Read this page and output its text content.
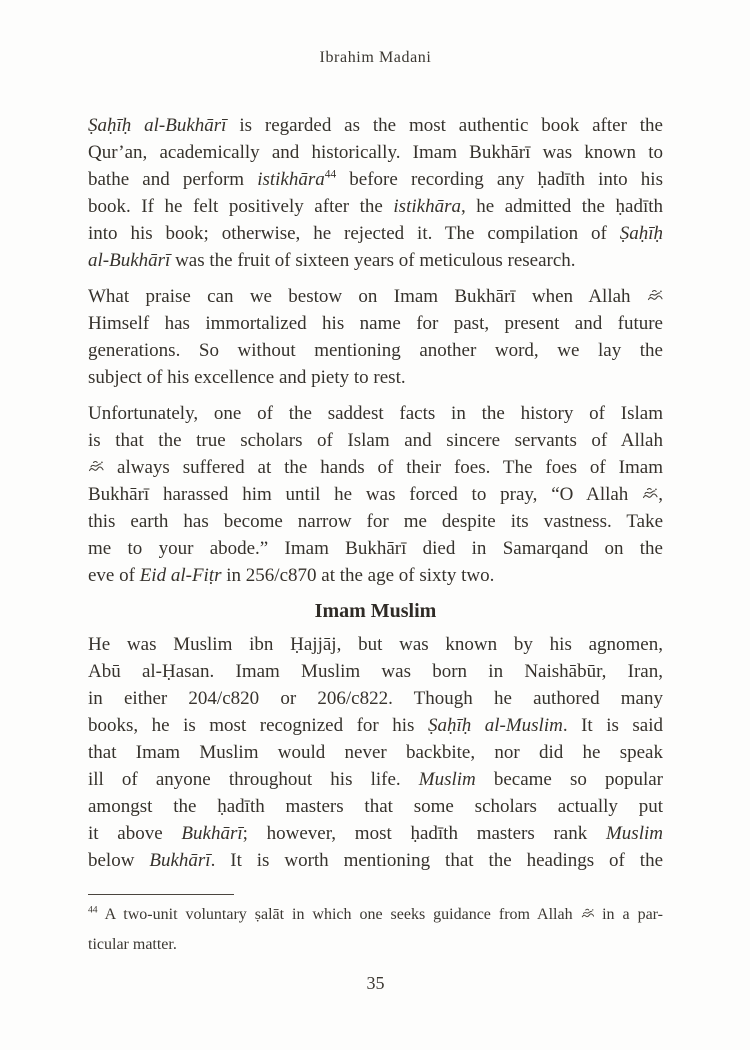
Ibrahim Madani
Ṣaḥīḥ al-Bukhārī is regarded as the most authentic book after the
Qur’an, academically and historically. Imam Bukhārī was known to
bathe and perform istikhāra$^{44}$ before recording any ḥadīth into his
book. If he felt positively after the istikhāra, he admitted the ḥadīth
into his book; otherwise, he rejected it. The compilation of Ṣaḥīḥ
al-Bukhārī was the fruit of sixteen years of meticulous research.
What praise can we bestow on Imam Bukhārī when Allah
Himself has immortalized his name for past, present and future
generations. So without mentioning another word, we lay the
subject of his excellence and piety to rest.
Unfortunately, one of the saddest facts in the history of Islam
is that the true scholars of Islam and sincere servants of Allah
always suffered at the hands of their foes. The foes of Imam
Bukhārī harassed him until he was forced to pray, “O Allah
,
this earth has become narrow for me despite its vastness. Take
me to your abode.” Imam Bukhārī died in Samarqand on the
eve of Eid al-Fiṭr in 256/c870 at the age of sixty two.
Imam Muslim
He was Muslim ibn Ḥajjāj, but was known by his agnomen,
Abū al-Ḥasan. Imam Muslim was born in Naishābūr, Iran,
in either 204/c820 or 206/c822. Though he authored many
books, he is most recognized for his Ṣaḥīḥ al-Muslim. It is said
that Imam Muslim would never backbite, nor did he speak
ill of anyone throughout his life. Muslim became so popular
amongst the ḥadīth masters that some scholars actually put
it above Bukhārī; however, most ḥadīth masters rank Muslim
below Bukhārī. It is worth mentioning that the headings of the
$^{44}$ A two-unit voluntary ṣalāt in which one seeks guidance from Allah
in a par-
ticular matter.
35
